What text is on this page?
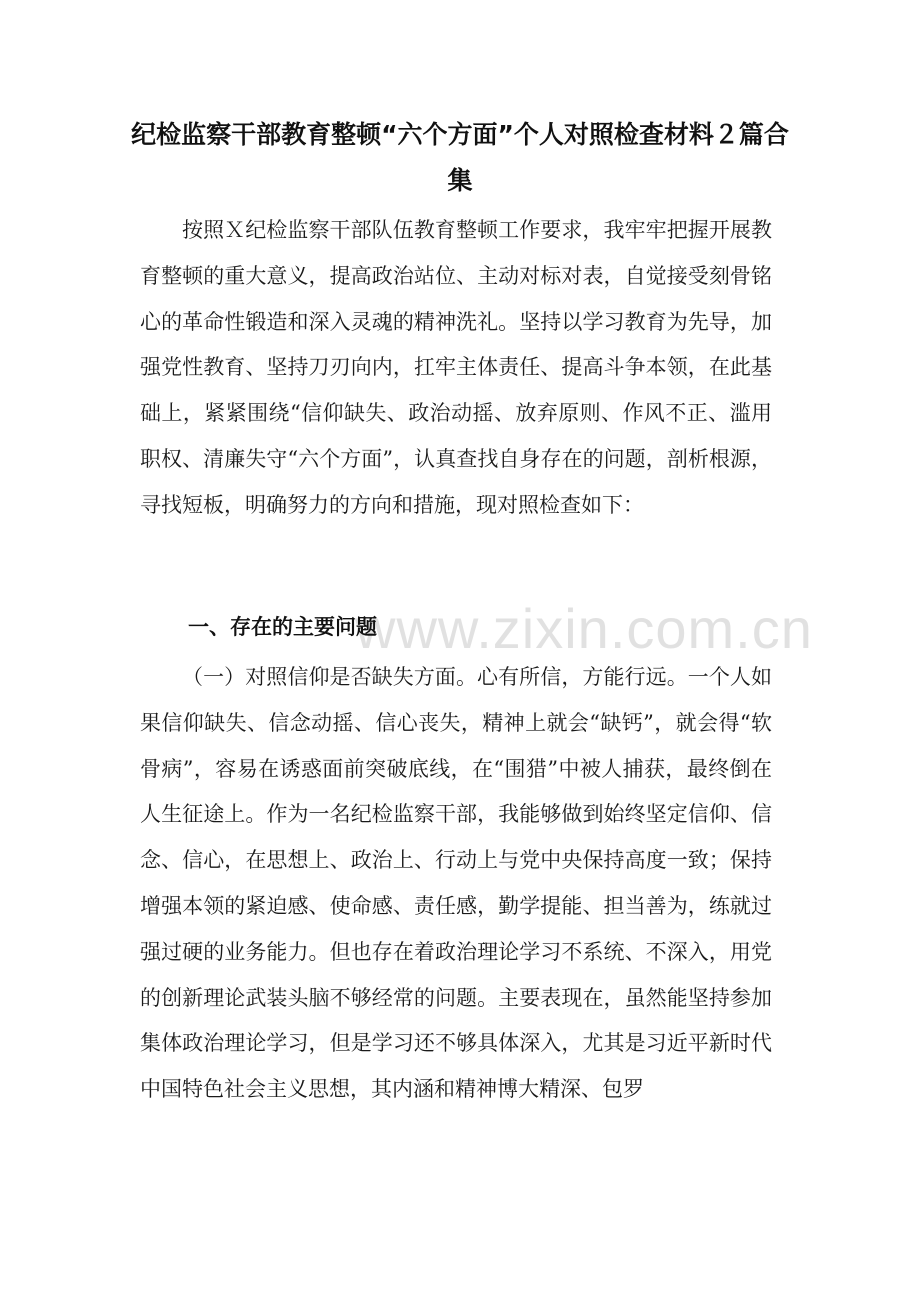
纪检监察干部教育整顿“六个方面”个人对照检查材料２篇合集

按照Ｘ纪检监察干部队伍教育整顿工作要求，我牢牢把握开展教育整顿的重大意义，提高政治站位、主动对标对表，自觉接受刻骨铭心的革命性锻造和深入灵魂的精神洗礼。坚持以学习教育为先导，加强党性教育、坚持刀刃向内，扛牢主体责任、提高斗争本领，在此基础上，紧紧围绕“信仰缺失、政治动摇、放弃原则、作风不正、滥用职权、清廉失守“六个方面”，认真查找自身存在的问题，剖析根源，寻找短板，明确努力的方向和措施，现对照检查如下：

www.zixin.com.cn
一、存在的主要问题

（一）对照信仰是否缺失方面。心有所信，方能行远。一个人如果信仰缺失、信念动摇、信心丧失，精神上就会“缺钙”，就会得“软骨病”，容易在诱惑面前突破底线，在“围猎”中被人捕获，最终倒在人生征途上。作为一名纪检监察干部，我能够做到始终坚定信仰、信念、信心，在思想上、政治上、行动上与党中央保持高度一致；保持增强本领的紧迫感、使命感、责任感，勤学提能、担当善为，练就过强过硬的业务能力。但也存在着政治理论学习不系统、不深入，用党的创新理论武装头脑不够经常的问题。主要表现在，虽然能坚持参加集体政治理论学习，但是学习还不够具体深入，尤其是习近平新时代中国特色社会主义思想，其内涵和精神博大精深、包罗
